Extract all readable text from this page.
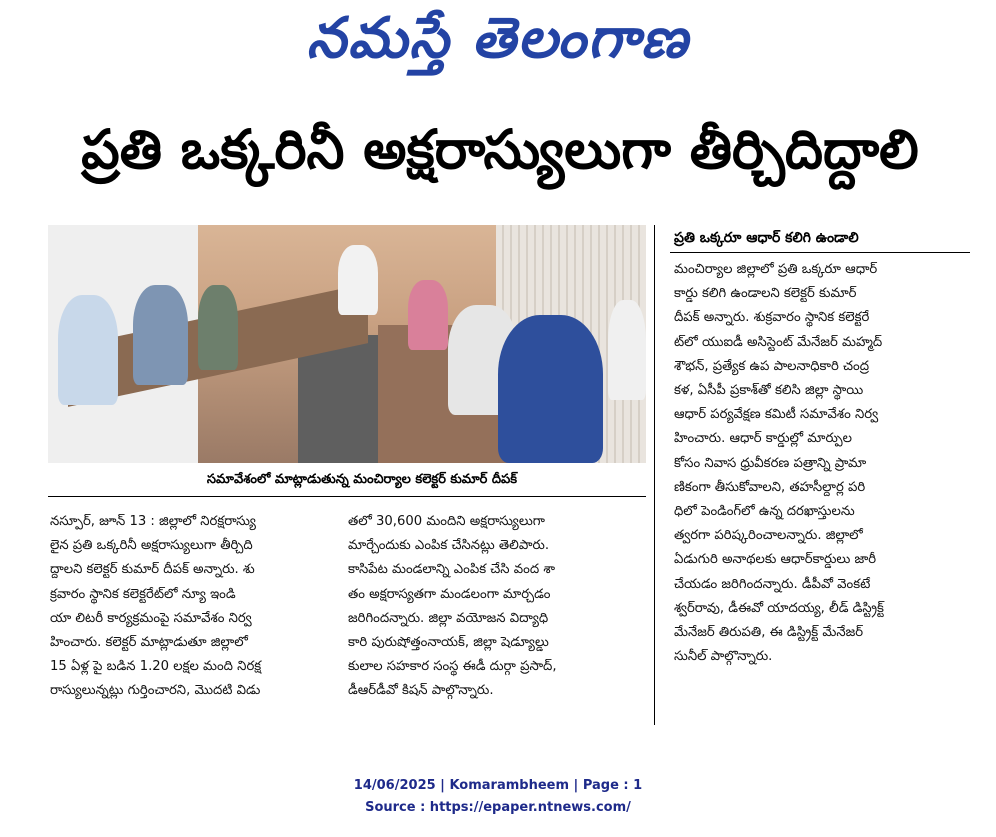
నమస్తే తెలంగాణ
ప్రతి ఒక్కరినీ అక్షరాస్యులుగా తీర్చిదిద్దాలి
సమావేశంలో మాట్లాడుతున్న మంచిర్యాల కలెక్టర్ కుమార్ దీపక్
ప్రతి ఒక్కరూ ఆధార్ కలిగి ఉండాలి
మంచిర్యాల జిల్లాలో ప్రతి ఒక్కరూ ఆధార్
కార్డు కలిగి ఉండాలని కలెక్టర్ కుమార్
దీపక్ అన్నారు. శుక్రవారం స్థానిక కలెక్టరే
ట్‌లో యుఐడీ అసిస్టెంట్ మేనేజర్ మహ్మద్
శౌభన్, ప్రత్యేక ఉప పాలనాధికారి చంద్ర
కళ, ఏసీపీ ప్రకాశ్‌తో కలిసి జిల్లా స్థాయి
ఆధార్ పర్యవేక్షణ కమిటీ సమావేశం నిర్వ
హించారు. ఆధార్ కార్డుల్లో మార్పుల
కోసం నివాస ధ్రువీకరణ పత్రాన్ని ప్రామా
ణికంగా తీసుకోవాలని, తహసీల్దార్ల పరి
ధిలో పెండింగ్‌లో ఉన్న దరఖాస్తులను
త్వరగా పరిష్కరించాలన్నారు. జిల్లాలో
ఏడుగురి అనాథలకు ఆధార్‌కార్డులు జారీ
చేయడం జరిగిందన్నారు. డీపీవో వెంకటే
శ్వర్‌రావు, డీఈవో యాదయ్య, లీడ్ డిస్ట్రిక్ట్
మేనేజర్ తిరుపతి, ఈ డిస్ట్రిక్ట్ మేనేజర్
సునీల్ పాల్గొన్నారు.
నస్పూర్, జూన్ 13 : జిల్లాలో నిరక్షరాస్యు
లైన ప్రతి ఒక్కరినీ అక్షరాస్యులుగా తీర్చిది
ద్దాలని కలెక్టర్ కుమార్ దీపక్ అన్నారు. శు
క్రవారం స్థానిక కలెక్టరేట్‌లో న్యూ ఇండి
యా లిటరీ కార్యక్రమంపై సమావేశం నిర్వ
హించారు. కలెక్టర్ మాట్లాడుతూ జిల్లాలో
15 ఏళ్ల పై బడిన 1.20 లక్షల మంది నిరక్ష
రాస్యులున్నట్లు గుర్తించారని, మొదటి విడు
తలో 30,600 మందిని అక్షరాస్యులుగా
మార్చేందుకు ఎంపిక చేసినట్లు తెలిపారు.
కాసిపేట మండలాన్ని ఎంపిక చేసి వంద శా
తం అక్షరాస్యతగా మండలంగా మార్చడం
జరిగిందన్నారు. జిల్లా వయోజన విద్యాధి
కారి పురుషోత్తంనాయక్, జిల్లా షెడ్యూల్డు
కులాల సహకార సంస్థ ఈడీ దుర్గా ప్రసాద్,
డీఆర్‌డీవో కిషన్ పాల్గొన్నారు.
14/06/2025 | Komarambheem | Page : 1
Source : https://epaper.ntnews.com/
